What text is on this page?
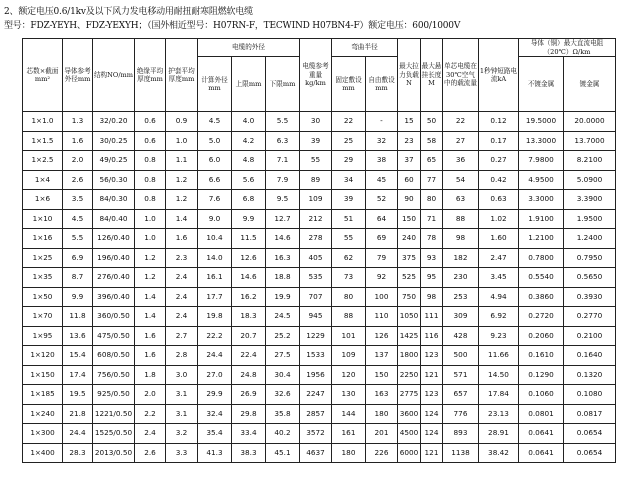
2、额定电压0.6/1kv及以下风力发电移动用耐扭耐寒阻燃软电缆
型号：FDZ-YEYH、FDZ-YEXYH；（国外相近型号：H07RN-F，TECWIND H07BN4-F）额定电压：600/1000V
芯数×截面mm²	导体参考外径mm	结构NO/mm	绝缘平均厚度mm	护套平均厚度mm	电缆的外径			电缆参考重量kg/km	弯曲半径		最大拉力负载N	最大悬挂长度M	单芯电缆在30℃空气中的载流量	1秒钟短路电流kA	导体（铜）最大直流电阻（20℃）Ω/km	
					计算外径mm	上限mm	下限mm		固定敷设mm	自由敷设mm					不镀金属	镀金属
1×1.0	1.3	32/0.20	0.6	0.9	4.5	4.0	5.5	30	22	-	15	50	22	0.12	19.5000	20.0000
1×1.5	1.6	30/0.25	0.6	1.0	5.0	4.2	6.3	39	25	32	23	58	27	0.17	13.3000	13.7000
1×2.5	2.0	49/0.25	0.8	1.1	6.0	4.8	7.1	55	29	38	37	65	36	0.27	7.9800	8.2100
1×4	2.6	56/0.30	0.8	1.2	6.6	5.6	7.9	89	34	45	60	77	54	0.42	4.9500	5.0900
1×6	3.5	84/0.30	0.8	1.2	7.6	6.8	9.5	109	39	52	90	80	63	0.63	3.3000	3.3900
1×10	4.5	84/0.40	1.0	1.4	9.0	9.9	12.7	212	51	64	150	71	88	1.02	1.9100	1.9500
1×16	5.5	126/0.40	1.0	1.6	10.4	11.5	14.6	278	55	69	240	78	98	1.60	1.2100	1.2400
1×25	6.9	196/0.40	1.2	2.3	14.0	12.6	16.3	405	62	79	375	93	182	2.47	0.7800	0.7950
1×35	8.7	276/0.40	1.2	2.4	16.1	14.6	18.8	535	73	92	525	95	230	3.45	0.5540	0.5650
1×50	9.9	396/0.40	1.4	2.4	17.7	16.2	19.9	707	80	100	750	98	253	4.94	0.3860	0.3930
1×70	11.8	360/0.50	1.4	2.4	19.8	18.3	24.5	945	88	110	1050	111	309	6.92	0.2720	0.2770
1×95	13.6	475/0.50	1.6	2.7	22.2	20.7	25.2	1229	101	126	1425	116	428	9.23	0.2060	0.2100
1×120	15.4	608/0.50	1.6	2.8	24.4	22.4	27.5	1533	109	137	1800	123	500	11.66	0.1610	0.1640
1×150	17.4	756/0.50	1.8	3.0	27.0	24.8	30.4	1956	120	150	2250	121	571	14.50	0.1290	0.1320
1×185	19.5	925/0.50	2.0	3.1	29.9	26.9	32.6	2247	130	163	2775	123	657	17.84	0.1060	0.1080
1×240	21.8	1221/0.50	2.2	3.1	32.4	29.8	35.8	2857	144	180	3600	124	776	23.13	0.0801	0.0817
1×300	24.4	1525/0.50	2.4	3.2	35.4	33.4	40.2	3572	161	201	4500	124	893	28.91	0.0641	0.0654
1×400	28.3	2013/0.50	2.6	3.3	41.3	38.3	45.1	4637	180	226	6000	121	1138	38.42	0.0641	0.0654
